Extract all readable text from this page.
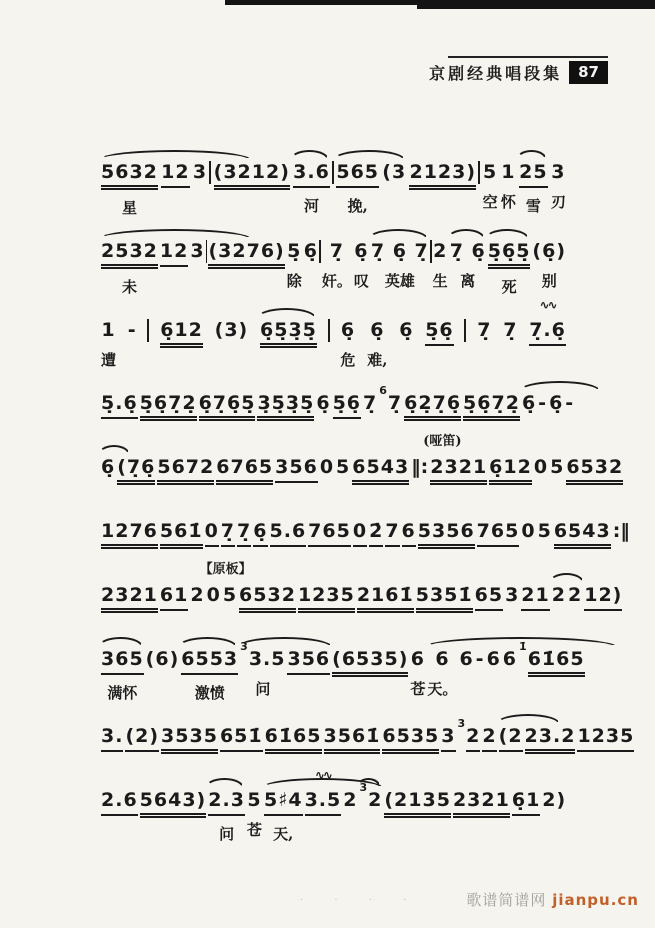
京剧经典唱段集	87
5632
星
12 3 (3212) 3.6
河
565
挽,
(3 2123) 5
空
1
怀
25
雪
3
刃
2532
未
12 3 (3276) 5̣
除
6̣ 7̣
奸。
6̣
叹
7̣ 6̣ 7̣
英雄
2
生
7̣ 6̣
离
5̣6̣5̣
死
(6̣)
别
1
遭
- 6̣12 (3) 6̣5̣3̣5̣ 6̣
危
6̣
难,
6̣ 5̣6̣ 7̣ 7̣
∿∿
7̣.6̣
5̣.6̣ 5̣6̣7̣2̣ 6̣7̣6̣5̣ 3̣5̣3̣5̣ 6̣ 5̣6̣ 7̣
6
7̣ 6̣2̣7̣6̣ 5̣6̣7̣2̣ 6̣ - 6̣ -
6̣ (7̣6̣ 5672 6765 356 0 5 6543 ‖:
(哑笛)
2321 6̣12 0 5 6532
1276 561̇ 0 7̣ 7̣ 6̣ 5.6 765 0 2̇ 7 6 5356 765 0 5 6543 :‖
2321 61 2
【原板】
0 5 6532 1235 2161̇ 5351̇ 65 3 21 2 2 12)
365
满怀
(6) 6553
激愤
3
3.5
问
356 (6535) 6
苍
6
天。
6 - 6 6
1̇
61̇65
3. (2) 3535 651̇ 61̇65 3561̇ 6535 3
3
2 2 (2 23.2 1235
2.6 5643) 2.3
问
5
苍
5♯4
天,
∿∿
3.5 2
3
2 (2135 2321 6̣1 2)
· · · ·	歌谱简谱网 jianpu.cn
